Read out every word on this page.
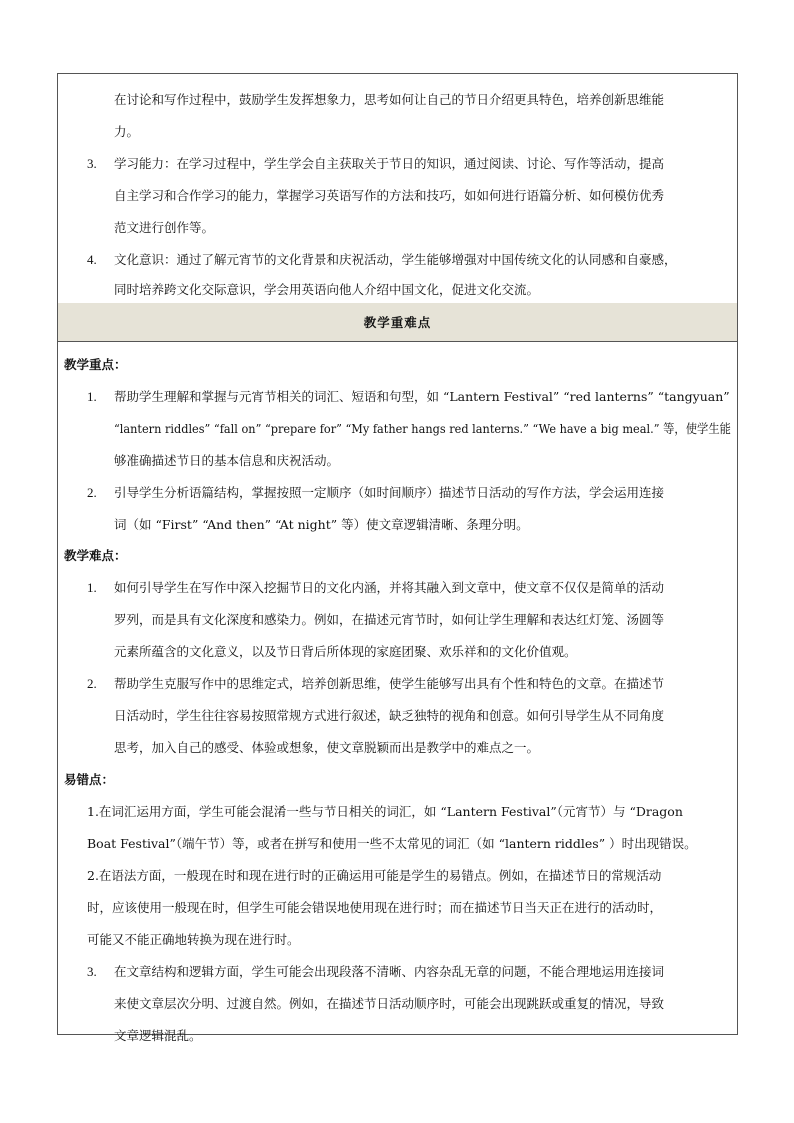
在讨论和写作过程中，鼓励学生发挥想象力，思考如何让自己的节日介绍更具特色，培养创新思维能
力。
3. 学习能力：在学习过程中，学生学会自主获取关于节日的知识，通过阅读、讨论、写作等活动，提高
自主学习和合作学习的能力，掌握学习英语写作的方法和技巧，如如何进行语篇分析、如何模仿优秀
范文进行创作等。
4. 文化意识：通过了解元宵节的文化背景和庆祝活动，学生能够增强对中国传统文化的认同感和自豪感，
同时培养跨文化交际意识，学会用英语向他人介绍中国文化，促进文化交流。
教学重难点
教学重点：
1. 帮助学生理解和掌握与元宵节相关的词汇、短语和句型，如 “Lantern Festival” “red lanterns” “tangyuan”
“lantern riddles” “fall on” “prepare for” “My father hangs red lanterns.” “We have a big meal.” 等，使学生能
够准确描述节日的基本信息和庆祝活动。
2. 引导学生分析语篇结构，掌握按照一定顺序（如时间顺序）描述节日活动的写作方法，学会运用连接
词（如 “First” “And then” “At night” 等）使文章逻辑清晰、条理分明。
教学难点：
1. 如何引导学生在写作中深入挖掘节日的文化内涵，并将其融入到文章中，使文章不仅仅是简单的活动
罗列，而是具有文化深度和感染力。例如，在描述元宵节时，如何让学生理解和表达红灯笼、汤圆等
元素所蕴含的文化意义，以及节日背后所体现的家庭团聚、欢乐祥和的文化价值观。
2. 帮助学生克服写作中的思维定式，培养创新思维，使学生能够写出具有个性和特色的文章。在描述节
日活动时，学生往往容易按照常规方式进行叙述，缺乏独特的视角和创意。如何引导学生从不同角度
思考，加入自己的感受、体验或想象，使文章脱颖而出是教学中的难点之一。
易错点：
1.在词汇运用方面，学生可能会混淆一些与节日相关的词汇，如 “Lantern Festival”（元宵节）与 “Dragon
Boat Festival”（端午节）等，或者在拼写和使用一些不太常见的词汇（如 “lantern riddles” ）时出现错误。
2.在语法方面，一般现在时和现在进行时的正确运用可能是学生的易错点。例如，在描述节日的常规活动
时，应该使用一般现在时，但学生可能会错误地使用现在进行时；而在描述节日当天正在进行的活动时，
可能又不能正确地转换为现在进行时。
3. 在文章结构和逻辑方面，学生可能会出现段落不清晰、内容杂乱无章的问题，不能合理地运用连接词
来使文章层次分明、过渡自然。例如，在描述节日活动顺序时，可能会出现跳跃或重复的情况，导致
文章逻辑混乱。
